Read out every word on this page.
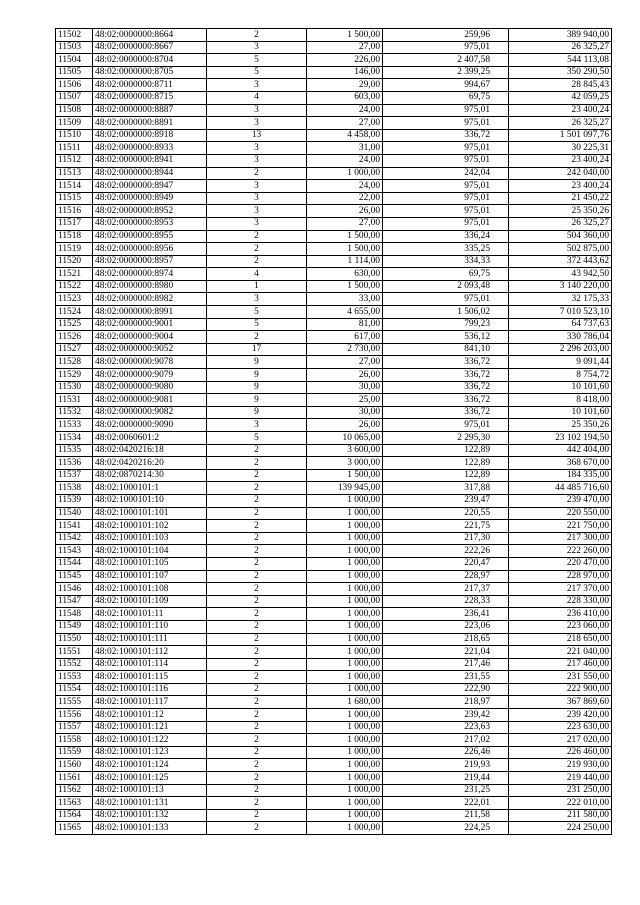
11502	48:02:0000000:8664	2	1 500,00	259,96	389 940,00
11503	48:02:0000000:8667	3	27,00	975,01	26 325,27
11504	48:02:0000000:8704	5	226,00	2 407,58	544 113,08
11505	48:02:0000000:8705	5	146,00	2 399,25	350 290,50
11506	48:02:0000000:8711	3	29,00	994,67	28 845,43
11507	48:02:0000000:8715	4	603,00	69,75	42 059,25
11508	48:02:0000000:8887	3	24,00	975,01	23 400,24
11509	48:02:0000000:8891	3	27,00	975,01	26 325,27
11510	48:02:0000000:8918	13	4 458,00	336,72	1 501 097,76
11511	48:02:0000000:8933	3	31,00	975,01	30 225,31
11512	48:02:0000000:8941	3	24,00	975,01	23 400,24
11513	48:02:0000000:8944	2	1 000,00	242,04	242 040,00
11514	48:02:0000000:8947	3	24,00	975,01	23 400,24
11515	48:02:0000000:8949	3	22,00	975,01	21 450,22
11516	48:02:0000000:8952	3	26,00	975,01	25 350,26
11517	48:02:0000000:8953	3	27,00	975,01	26 325,27
11518	48:02:0000000:8955	2	1 500,00	336,24	504 360,00
11519	48:02:0000000:8956	2	1 500,00	335,25	502 875,00
11520	48:02:0000000:8957	2	1 114,00	334,33	372 443,62
11521	48:02:0000000:8974	4	630,00	69,75	43 942,50
11522	48:02:0000000:8980	1	1 500,00	2 093,48	3 140 220,00
11523	48:02:0000000:8982	3	33,00	975,01	32 175,33
11524	48:02:0000000:8991	5	4 655,00	1 506,02	7 010 523,10
11525	48:02:0000000:9001	5	81,00	799,23	64 737,63
11526	48:02:0000000:9004	2	617,00	536,12	330 786,04
11527	48:02:0000000:9052	17	2 730,00	841,10	2 296 203,00
11528	48:02:0000000:9078	9	27,00	336,72	9 091,44
11529	48:02:0000000:9079	9	26,00	336,72	8 754,72
11530	48:02:0000000:9080	9	30,00	336,72	10 101,60
11531	48:02:0000000:9081	9	25,00	336,72	8 418,00
11532	48:02:0000000:9082	9	30,00	336,72	10 101,60
11533	48:02:0000000:9090	3	26,00	975,01	25 350,26
11534	48:02:0060601:2	5	10 065,00	2 295,30	23 102 194,50
11535	48:02:0420216:18	2	3 600,00	122,89	442 404,00
11536	48:02:0420216:20	2	3 000,00	122,89	368 670,00
11537	48:02:0870214:30	2	1 500,00	122,89	184 335,00
11538	48:02:1000101:1	2	139 945,00	317,88	44 485 716,60
11539	48:02:1000101:10	2	1 000,00	239,47	239 470,00
11540	48:02:1000101:101	2	1 000,00	220,55	220 550,00
11541	48:02:1000101:102	2	1 000,00	221,75	221 750,00
11542	48:02:1000101:103	2	1 000,00	217,30	217 300,00
11543	48:02:1000101:104	2	1 000,00	222,26	222 260,00
11544	48:02:1000101:105	2	1 000,00	220,47	220 470,00
11545	48:02:1000101:107	2	1 000,00	228,97	228 970,00
11546	48:02:1000101:108	2	1 000,00	217,37	217 370,00
11547	48:02:1000101:109	2	1 000,00	228,33	228 330,00
11548	48:02:1000101:11	2	1 000,00	236,41	236 410,00
11549	48:02:1000101:110	2	1 000,00	223,06	223 060,00
11550	48:02:1000101:111	2	1 000,00	218,65	218 650,00
11551	48:02:1000101:112	2	1 000,00	221,04	221 040,00
11552	48:02:1000101:114	2	1 000,00	217,46	217 460,00
11553	48:02:1000101:115	2	1 000,00	231,55	231 550,00
11554	48:02:1000101:116	2	1 000,00	222,90	222 900,00
11555	48:02:1000101:117	2	1 680,00	218,97	367 869,60
11556	48:02:1000101:12	2	1 000,00	239,42	239 420,00
11557	48:02:1000101:121	2	1 000,00	223,63	223 630,00
11558	48:02:1000101:122	2	1 000,00	217,02	217 020,00
11559	48:02:1000101:123	2	1 000,00	226,46	226 460,00
11560	48:02:1000101:124	2	1 000,00	219,93	219 930,00
11561	48:02:1000101:125	2	1 000,00	219,44	219 440,00
11562	48:02:1000101:13	2	1 000,00	231,25	231 250,00
11563	48:02:1000101:131	2	1 000,00	222,01	222 010,00
11564	48:02:1000101:132	2	1 000,00	211,58	211 580,00
11565	48:02:1000101:133	2	1 000,00	224,25	224 250,00
